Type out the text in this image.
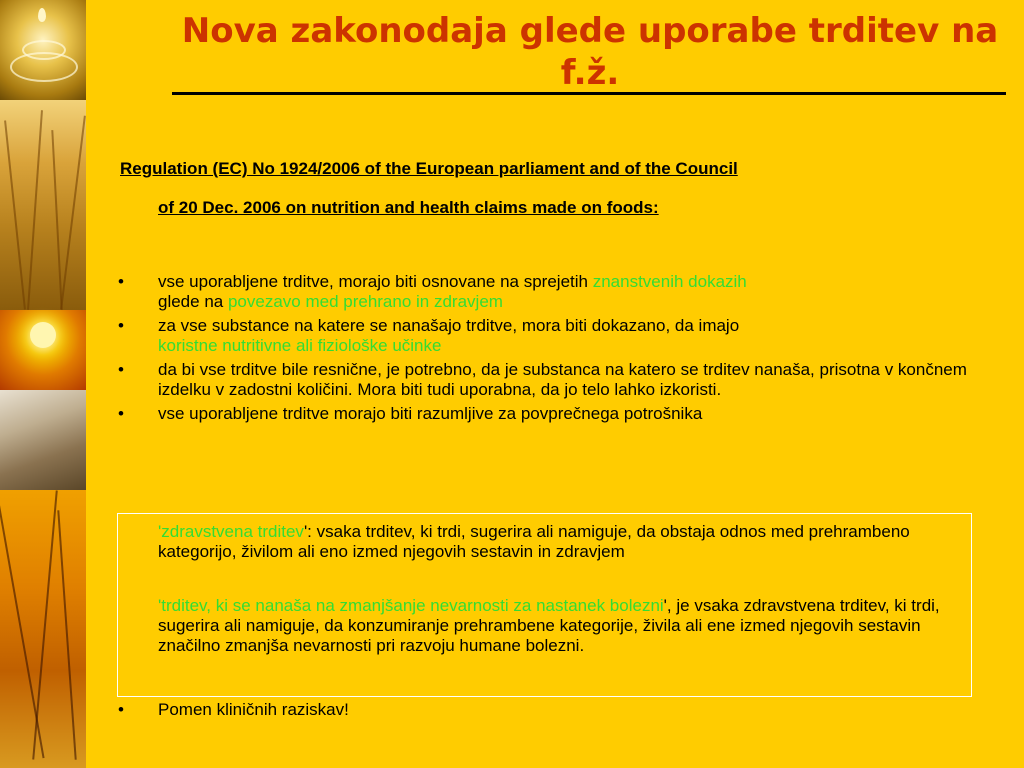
Nova zakonodaja glede uporabe trditev na f.ž.
Regulation (EC) No 1924/2006 of the European parliament and of the Council
of 20 Dec. 2006 on nutrition and health claims made on foods:
• vse uporabljene trditve, morajo biti osnovane na sprejetih znanstvenih dokazih
glede na povezavo med prehrano in zdravjem
• za vse substance na katere se nanašajo trditve, mora biti dokazano, da imajo
koristne nutritivne ali fiziološke učinke
• da bi vse trditve bile resnične, je potrebno, da je substanca na katero se trditev nanaša, prisotna v končnem izdelku v zadostni količini. Mora biti tudi uporabna, da jo telo lahko izkoristi.
• vse uporabljene trditve morajo biti razumljive za povprečnega potrošnika
'zdravstvena trditev': vsaka trditev, ki trdi, sugerira ali namiguje, da obstaja odnos med prehrambeno kategorijo, živilom ali eno izmed njegovih sestavin in zdravjem
'trditev, ki se nanaša na zmanjšanje nevarnosti za nastanek bolezni', je vsaka zdravstvena trditev, ki trdi, sugerira ali namiguje, da konzumiranje prehrambene kategorije, živila ali ene izmed njegovih sestavin značilno zmanjša nevarnosti pri razvoju humane bolezni.
• Pomen kliničnih raziskav!
